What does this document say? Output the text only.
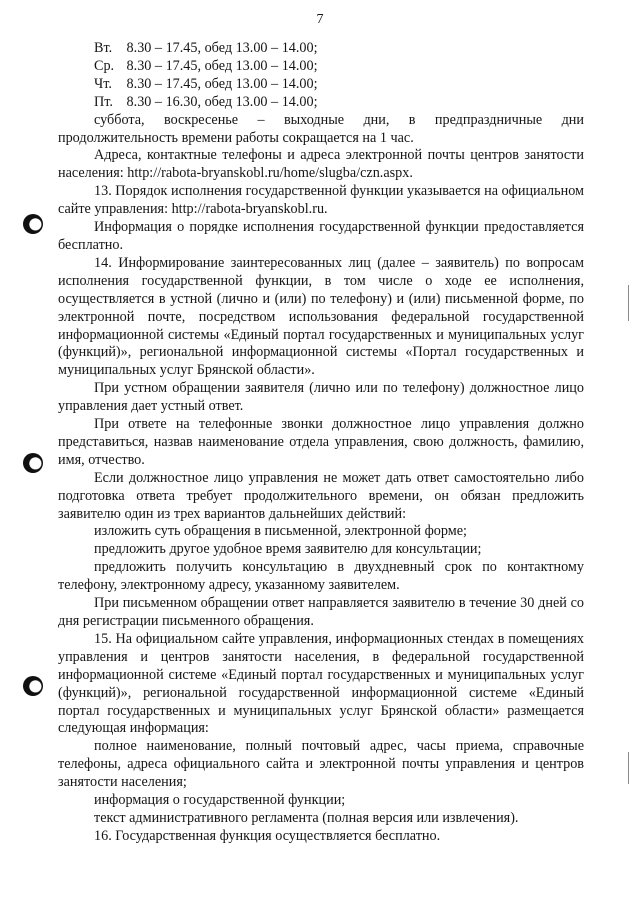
7
Вт. 8.30 – 17.45, обед 13.00 – 14.00;
Ср. 8.30 – 17.45, обед 13.00 – 14.00;
Чт. 8.30 – 17.45, обед 13.00 – 14.00;
Пт. 8.30 – 16.30, обед 13.00 – 14.00;

суббота, воскресенье – выходные дни, в предпраздничные дни продолжительность времени работы сокращается на 1 час.

Адреса, контактные телефоны и адреса электронной почты центров занятости населения: http://rabota-bryanskobl.ru/home/slugba/czn.aspx.

13. Порядок исполнения государственной функции указывается на официальном сайте управления: http://rabota-bryanskobl.ru.

Информация о порядке исполнения государственной функции предоставляется бесплатно.

14. Информирование заинтересованных лиц (далее – заявитель) по вопросам исполнения государственной функции, в том числе о ходе ее исполнения, осуществляется в устной (лично и (или) по телефону) и (или) письменной форме, по электронной почте, посредством использования федеральной государственной информационной системы «Единый портал государственных и муниципальных услуг (функций)», региональной информационной системы «Портал государственных и муниципальных услуг Брянской области».

При устном обращении заявителя (лично или по телефону) должностное лицо управления дает устный ответ.

При ответе на телефонные звонки должностное лицо управления должно представиться, назвав наименование отдела управления, свою должность, фамилию, имя, отчество.

Если должностное лицо управления не может дать ответ самостоятельно либо подготовка ответа требует продолжительного времени, он обязан предложить заявителю один из трех вариантов дальнейших действий:

изложить суть обращения в письменной, электронной форме;

предложить другое удобное время заявителю для консультации;

предложить получить консультацию в двухдневный срок по контактному телефону, электронному адресу, указанному заявителем.

При письменном обращении ответ направляется заявителю в течение 30 дней со дня регистрации письменного обращения.

15. На официальном сайте управления, информационных стендах в помещениях управления и центров занятости населения, в федеральной государственной информационной системе «Единый портал государственных и муниципальных услуг (функций)», региональной государственной информационной системе «Единый портал государственных и муниципальных услуг Брянской области» размещается следующая информация:

полное наименование, полный почтовый адрес, часы приема, справочные телефоны, адреса официального сайта и электронной почты управления и центров занятости населения;

информация о государственной функции;

текст административного регламента (полная версия или извлечения).

16. Государственная функция осуществляется бесплатно.
